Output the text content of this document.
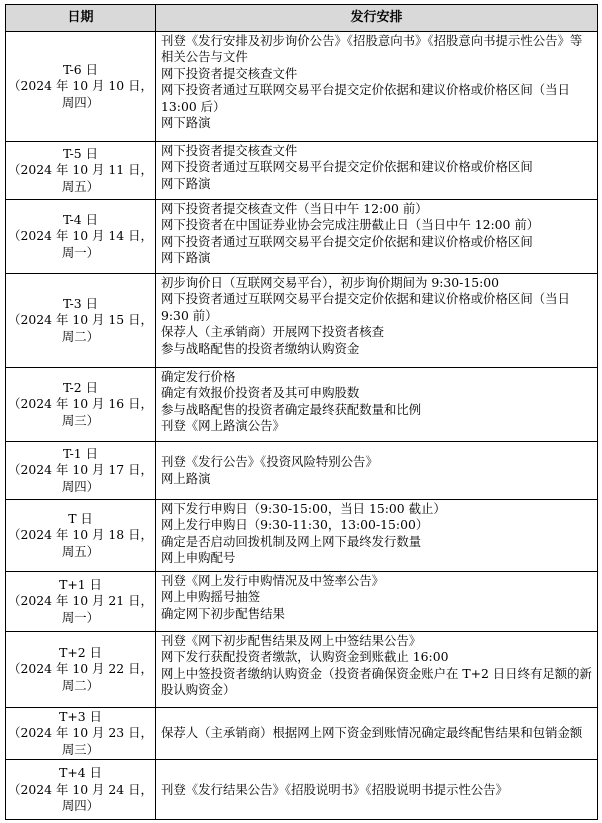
日期	发行安排

T-6 日
（2024 年 10 月 10 日，周四）	刊登《发行安排及初步询价公告》《招股意向书》《招股意向书提示性公告》等相关公告与文件
网下投资者提交核查文件
网下投资者通过互联网交易平台提交定价依据和建议价格或价格区间（当日 13:00 后）
网下路演

T-5 日
（2024 年 10 月 11 日，周五）	网下投资者提交核查文件
网下投资者通过互联网交易平台提交定价依据和建议价格或价格区间
网下路演

T-4 日
（2024 年 10 月 14 日，周一）	网下投资者提交核查文件（当日中午 12:00 前）
网下投资者在中国证券业协会完成注册截止日（当日中午 12:00 前）
网下投资者通过互联网交易平台提交定价依据和建议价格或价格区间
网下路演

T-3 日
（2024 年 10 月 15 日，周二）	初步询价日（互联网交易平台），初步询价期间为 9:30-15:00
网下投资者通过互联网交易平台提交定价依据和建议价格或价格区间（当日 9:30 前）
保荐人（主承销商）开展网下投资者核查
参与战略配售的投资者缴纳认购资金

T-2 日
（2024 年 10 月 16 日，周三）	确定发行价格
确定有效报价投资者及其可申购股数
参与战略配售的投资者确定最终获配数量和比例
刊登《网上路演公告》

T-1 日
（2024 年 10 月 17 日，周四）	刊登《发行公告》《投资风险特别公告》
网上路演

T 日
（2024 年 10 月 18 日，周五）	网下发行申购日（9:30-15:00，当日 15:00 截止）
网上发行申购日（9:30-11:30，13:00-15:00）
确定是否启动回拨机制及网上网下最终发行数量
网上申购配号

T+1 日
（2024 年 10 月 21 日，周一）	刊登《网上发行申购情况及中签率公告》
网上申购摇号抽签
确定网下初步配售结果

T+2 日
（2024 年 10 月 22 日，周二）	刊登《网下初步配售结果及网上中签结果公告》
网下发行获配投资者缴款，认购资金到账截止 16:00
网上中签投资者缴纳认购资金（投资者确保资金账户在 T+2 日日终有足额的新股认购资金）

T+3 日
（2024 年 10 月 23 日，周三）	保荐人（主承销商）根据网上网下资金到账情况确定最终配售结果和包销金额

T+4 日
（2024 年 10 月 24 日，周四）	刊登《发行结果公告》《招股说明书》《招股说明书提示性公告》
